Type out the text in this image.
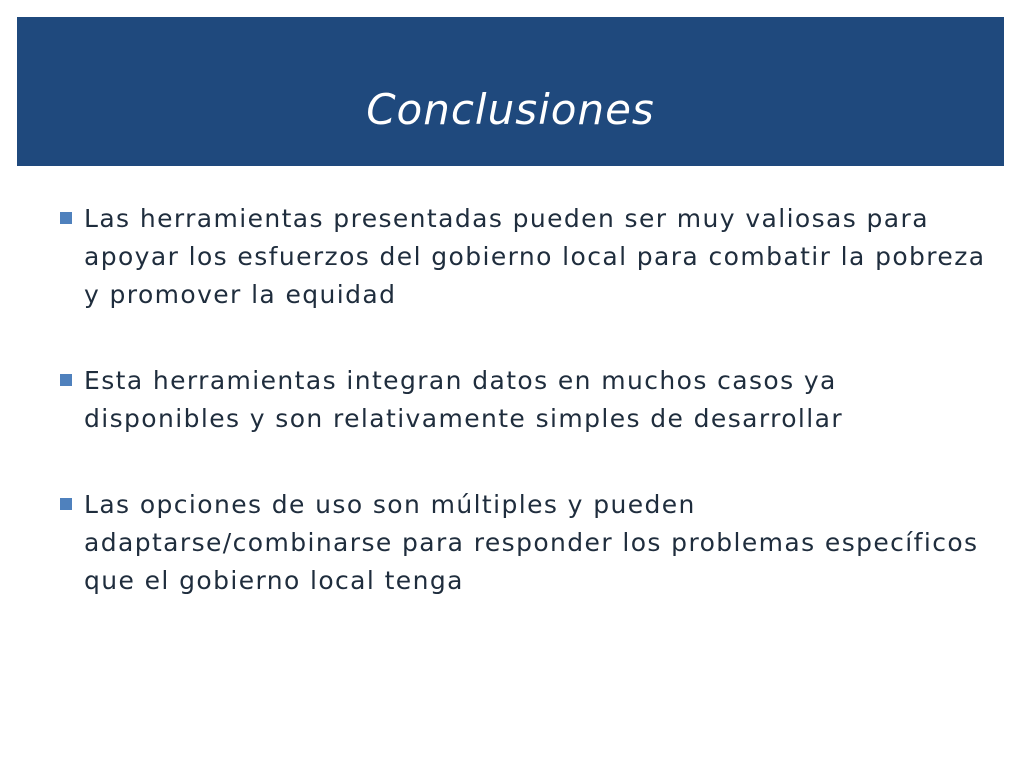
Conclusiones
Las herramientas presentadas pueden ser muy valiosas para apoyar los esfuerzos del gobierno local para combatir la pobreza y promover la equidad
Esta herramientas integran datos en muchos casos ya disponibles y son relativamente simples de desarrollar
Las opciones de uso son múltiples y pueden adaptarse/combinarse para responder los problemas específicos que el gobierno local tenga
